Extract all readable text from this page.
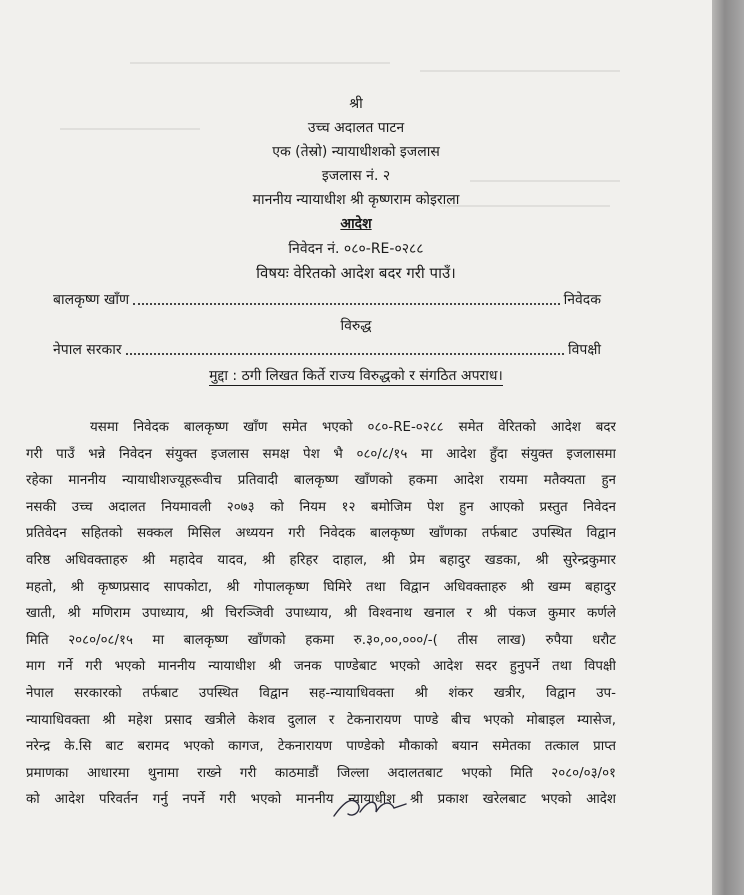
श्री
उच्च अदालत पाटन
एक (तेस्रो) न्यायाधीशको इजलास
इजलास नं. २
माननीय न्यायाधीश श्री कृष्णराम कोइराला
आदेश
निवेदन नं. ०८०-RE-०२८८
विषयः वेरितको आदेश बदर गरी पाउँ।
बालकृष्ण खाँण	निवेदक
विरुद्ध
नेपाल सरकार	विपक्षी
मुद्दा : ठगी लिखत किर्ते राज्य विरुद्धको र संगठित अपराध।
यसमा निवेदक बालकृष्ण खाँण समेत भएको ०८०-RE-०२८८ समेत वेरितको आदेश बदर
गरी पाउँ भन्ने निवेदन संयुक्त इजलास समक्ष पेश भै ०८०/८/१५ मा आदेश हुँदा संयुक्त इजलासमा
रहेका माननीय न्यायाधीशज्यूहरूवीच प्रतिवादी बालकृष्ण खाँणको हकमा आदेश रायमा मतैक्यता हुन
नसकी उच्च अदालत नियमावली २०७३ को नियम १२ बमोजिम पेश हुन आएको प्रस्तुत निवेदन
प्रतिवेदन सहितको सक्कल मिसिल अध्ययन गरी निवेदक बालकृष्ण खाँणका तर्फबाट उपस्थित विद्वान
वरिष्ठ अधिवक्ताहरु श्री महादेव यादव, श्री हरिहर दाहाल, श्री प्रेम बहादुर खडका, श्री सुरेन्द्रकुमार
महतो, श्री कृष्णप्रसाद सापकोटा, श्री गोपालकृष्ण घिमिरे तथा विद्वान अधिवक्ताहरु श्री खम्म बहादुर
खाती, श्री मणिराम उपाध्याय, श्री चिरञ्जिवी उपाध्याय, श्री विश्वनाथ खनाल र श्री पंकज कुमार कर्णले
मिति २०८०/०८/१५ मा बालकृष्ण खाँणको हकमा रु.३०,००,०००/-( तीस लाख) रुपैया धरौट
माग गर्ने गरी भएको माननीय न्यायाधीश श्री जनक पाण्डेबाट भएको आदेश सदर हुनुपर्ने तथा विपक्षी
नेपाल सरकारको तर्फबाट उपस्थित विद्वान सह-न्यायाधिवक्ता श्री शंकर खत्रीर, विद्वान उप-
न्यायाधिवक्ता श्री महेश प्रसाद खत्रीले केशव दुलाल र टेकनारायण पाण्डे बीच भएको मोबाइल म्यासेज,
नरेन्द्र के.सि बाट बरामद भएको कागज, टेकनारायण पाण्डेको मौकाको बयान समेतका तत्काल प्राप्त
प्रमाणका आधारमा थुनामा राख्ने गरी काठमाडौं जिल्ला अदालतबाट भएको मिति २०८०/०३/०१
को आदेश परिवर्तन गर्नु नपर्ने गरी भएको माननीय न्यायाधीश श्री प्रकाश खरेलबाट भएको आदेश
